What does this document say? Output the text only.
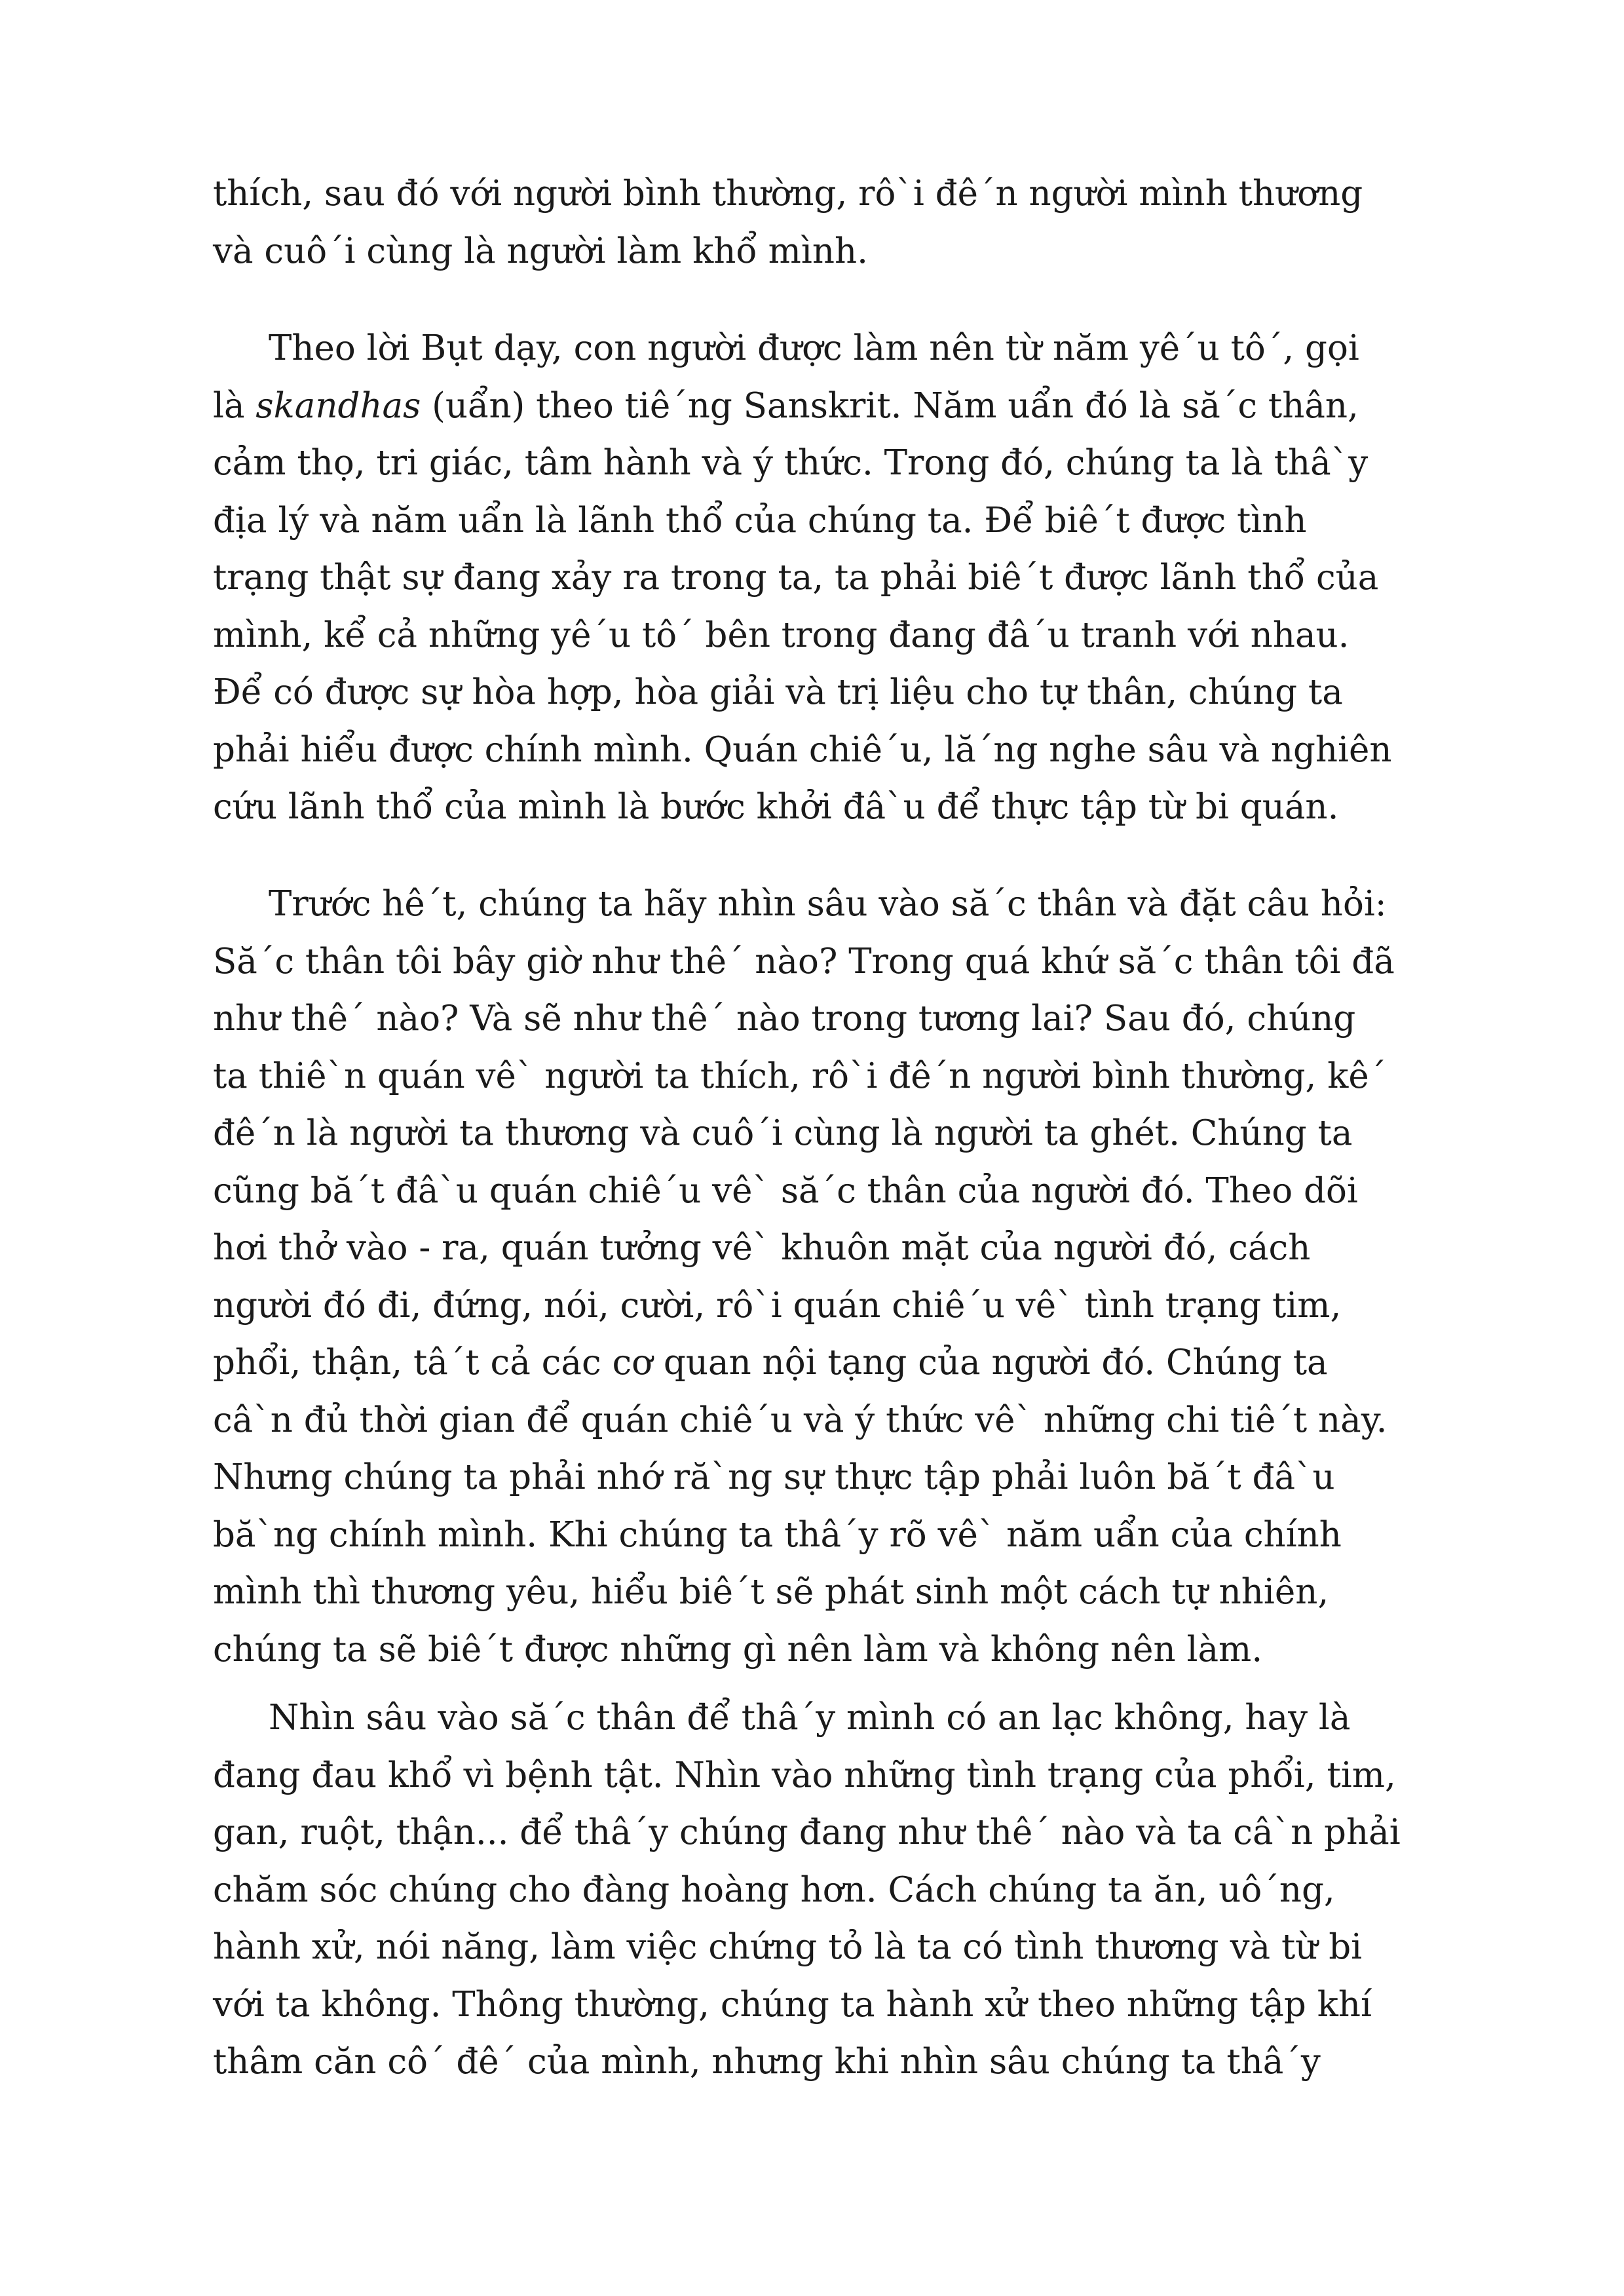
thích, sau đó với người bình thường, rô`i đê´n người mình thương
và cuô´i cùng là người làm khổ mình.
Theo lời Bụt dạy, con người được làm nên từ năm yê´u tô´, gọi
là skandhas (uẩn) theo tiê´ng Sanskrit. Năm uẩn đó là să´c thân,
cảm thọ, tri giác, tâm hành và ý thức. Trong đó, chúng ta là thâ`y
địa lý và năm uẩn là lãnh thổ của chúng ta. Để biê´t được tình
trạng thật sự đang xảy ra trong ta, ta phải biê´t được lãnh thổ của
mình, kể cả những yê´u tô´ bên trong đang đâ´u tranh với nhau.
Để có được sự hòa hợp, hòa giải và trị liệu cho tự thân, chúng ta
phải hiểu được chính mình. Quán chiê´u, lă´ng nghe sâu và nghiên
cứu lãnh thổ của mình là bước khởi đâ`u để thực tập từ bi quán.
Trước hê´t, chúng ta hãy nhìn sâu vào să´c thân và đặt câu hỏi:
Să´c thân tôi bây giờ như thê´ nào? Trong quá khứ să´c thân tôi đã
như thê´ nào? Và sẽ như thê´ nào trong tương lai? Sau đó, chúng
ta thiê`n quán vê` người ta thích, rô`i đê´n người bình thường, kê´
đê´n là người ta thương và cuô´i cùng là người ta ghét. Chúng ta
cũng bă´t đâ`u quán chiê´u vê` să´c thân của người đó. Theo dõi
hơi thở vào - ra, quán tưởng vê` khuôn mặt của người đó, cách
người đó đi, đứng, nói, cười, rô`i quán chiê´u vê` tình trạng tim,
phổi, thận, tâ´t cả các cơ quan nội tạng của người đó. Chúng ta
câ`n đủ thời gian để quán chiê´u và ý thức vê` những chi tiê´t này.
Nhưng chúng ta phải nhớ ră`ng sự thực tập phải luôn bă´t đâ`u
bă`ng chính mình. Khi chúng ta thâ´y rõ vê` năm uẩn của chính
mình thì thương yêu, hiểu biê´t sẽ phát sinh một cách tự nhiên,
chúng ta sẽ biê´t được những gì nên làm và không nên làm.
Nhìn sâu vào să´c thân để thâ´y mình có an lạc không, hay là
đang đau khổ vì bệnh tật. Nhìn vào những tình trạng của phổi, tim,
gan, ruột, thận... để thâ´y chúng đang như thê´ nào và ta câ`n phải
chăm sóc chúng cho đàng hoàng hơn. Cách chúng ta ăn, uô´ng,
hành xử, nói năng, làm việc chứng tỏ là ta có tình thương và từ bi
với ta không. Thông thường, chúng ta hành xử theo những tập khí
thâm căn cô´ đê´ của mình, nhưng khi nhìn sâu chúng ta thâ´y
